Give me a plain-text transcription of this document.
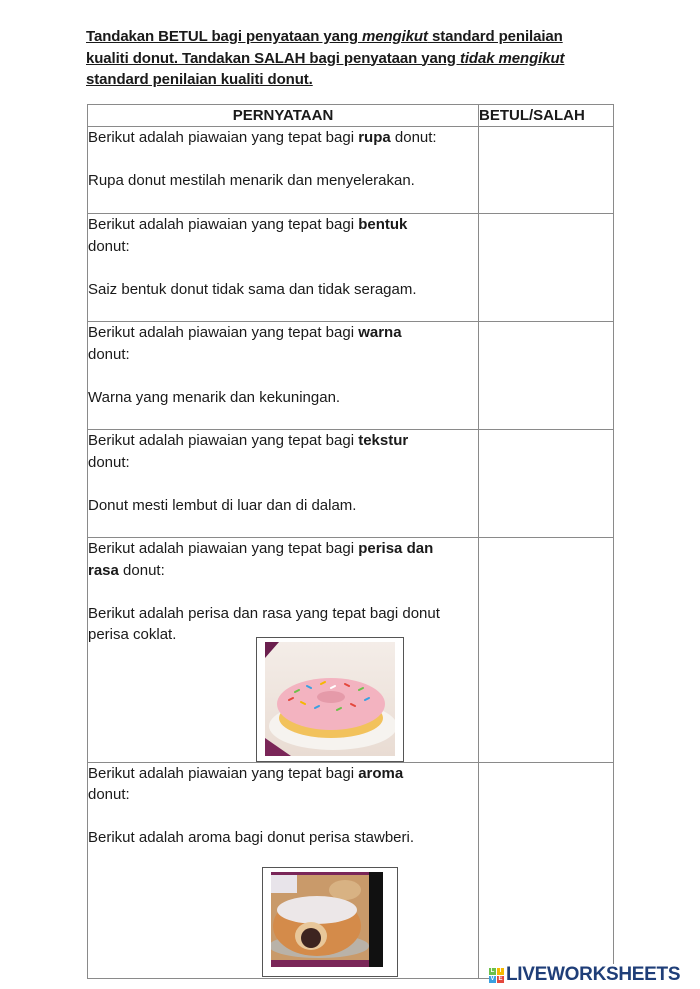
Tandakan BETUL bagi penyataan yang mengikut standard penilaian kualiti donut. Tandakan SALAH bagi penyataan yang tidak mengikut standard penilaian kualiti donut.
PERNYATAAN	BETUL/SALAH

Berikut adalah piawaian yang tepat bagi rupa donut:
Rupa donut mestilah menarik dan menyelerakan.	

Berikut adalah piawaian yang tepat bagi bentuk donut:
Saiz bentuk donut tidak sama dan tidak seragam.	

Berikut adalah piawaian yang tepat bagi warna donut:
Warna yang menarik dan kekuningan.	

Berikut adalah piawaian yang tepat bagi tekstur donut:
Donut mesti lembut di luar dan di dalam.	

Berikut adalah piawaian yang tepat bagi perisa dan rasa donut:
Berikut adalah perisa dan rasa yang tepat bagi donut perisa coklat.	

Berikut adalah piawaian yang tepat bagi aroma donut:
Berikut adalah aroma bagi donut perisa stawberi.	

L I
V E LIVEWORKSHEETS
